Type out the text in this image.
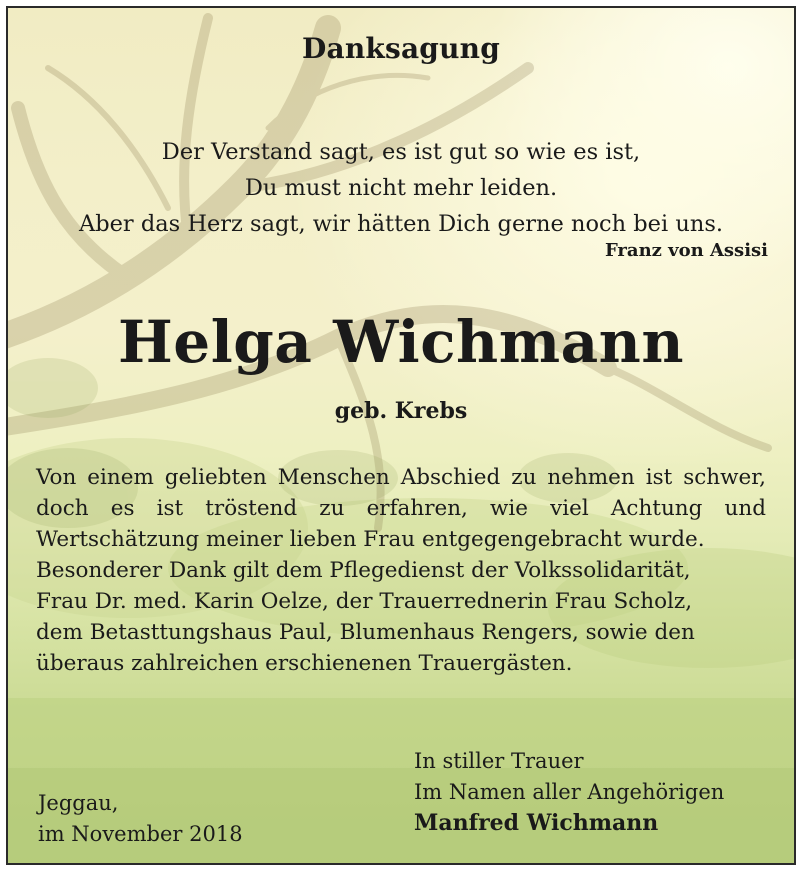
Danksagung
Der Verstand sagt, es ist gut so wie es ist,
Du must nicht mehr leiden.
Aber das Herz sagt, wir hätten Dich gerne noch bei uns.
Franz von Assisi
Helga Wichmann
geb. Krebs

Von einem geliebten Menschen Abschied zu nehmen ist schwer, doch es ist tröstend zu erfahren, wie viel Achtung und Wertschätzung meiner lieben Frau entgegengebracht wurde.

Besonderer Dank gilt dem Pflegedienst der Volkssolidarität,
Frau Dr. med. Karin Oelze, der Trauerrednerin Frau Scholz,
dem Betasttungshaus Paul, Blumenhaus Rengers, sowie den
überaus zahlreichen erschienenen Trauergästen.

Jeggau,
im November 2018
In stiller Trauer
Im Namen aller Angehörigen
Manfred Wichmann
